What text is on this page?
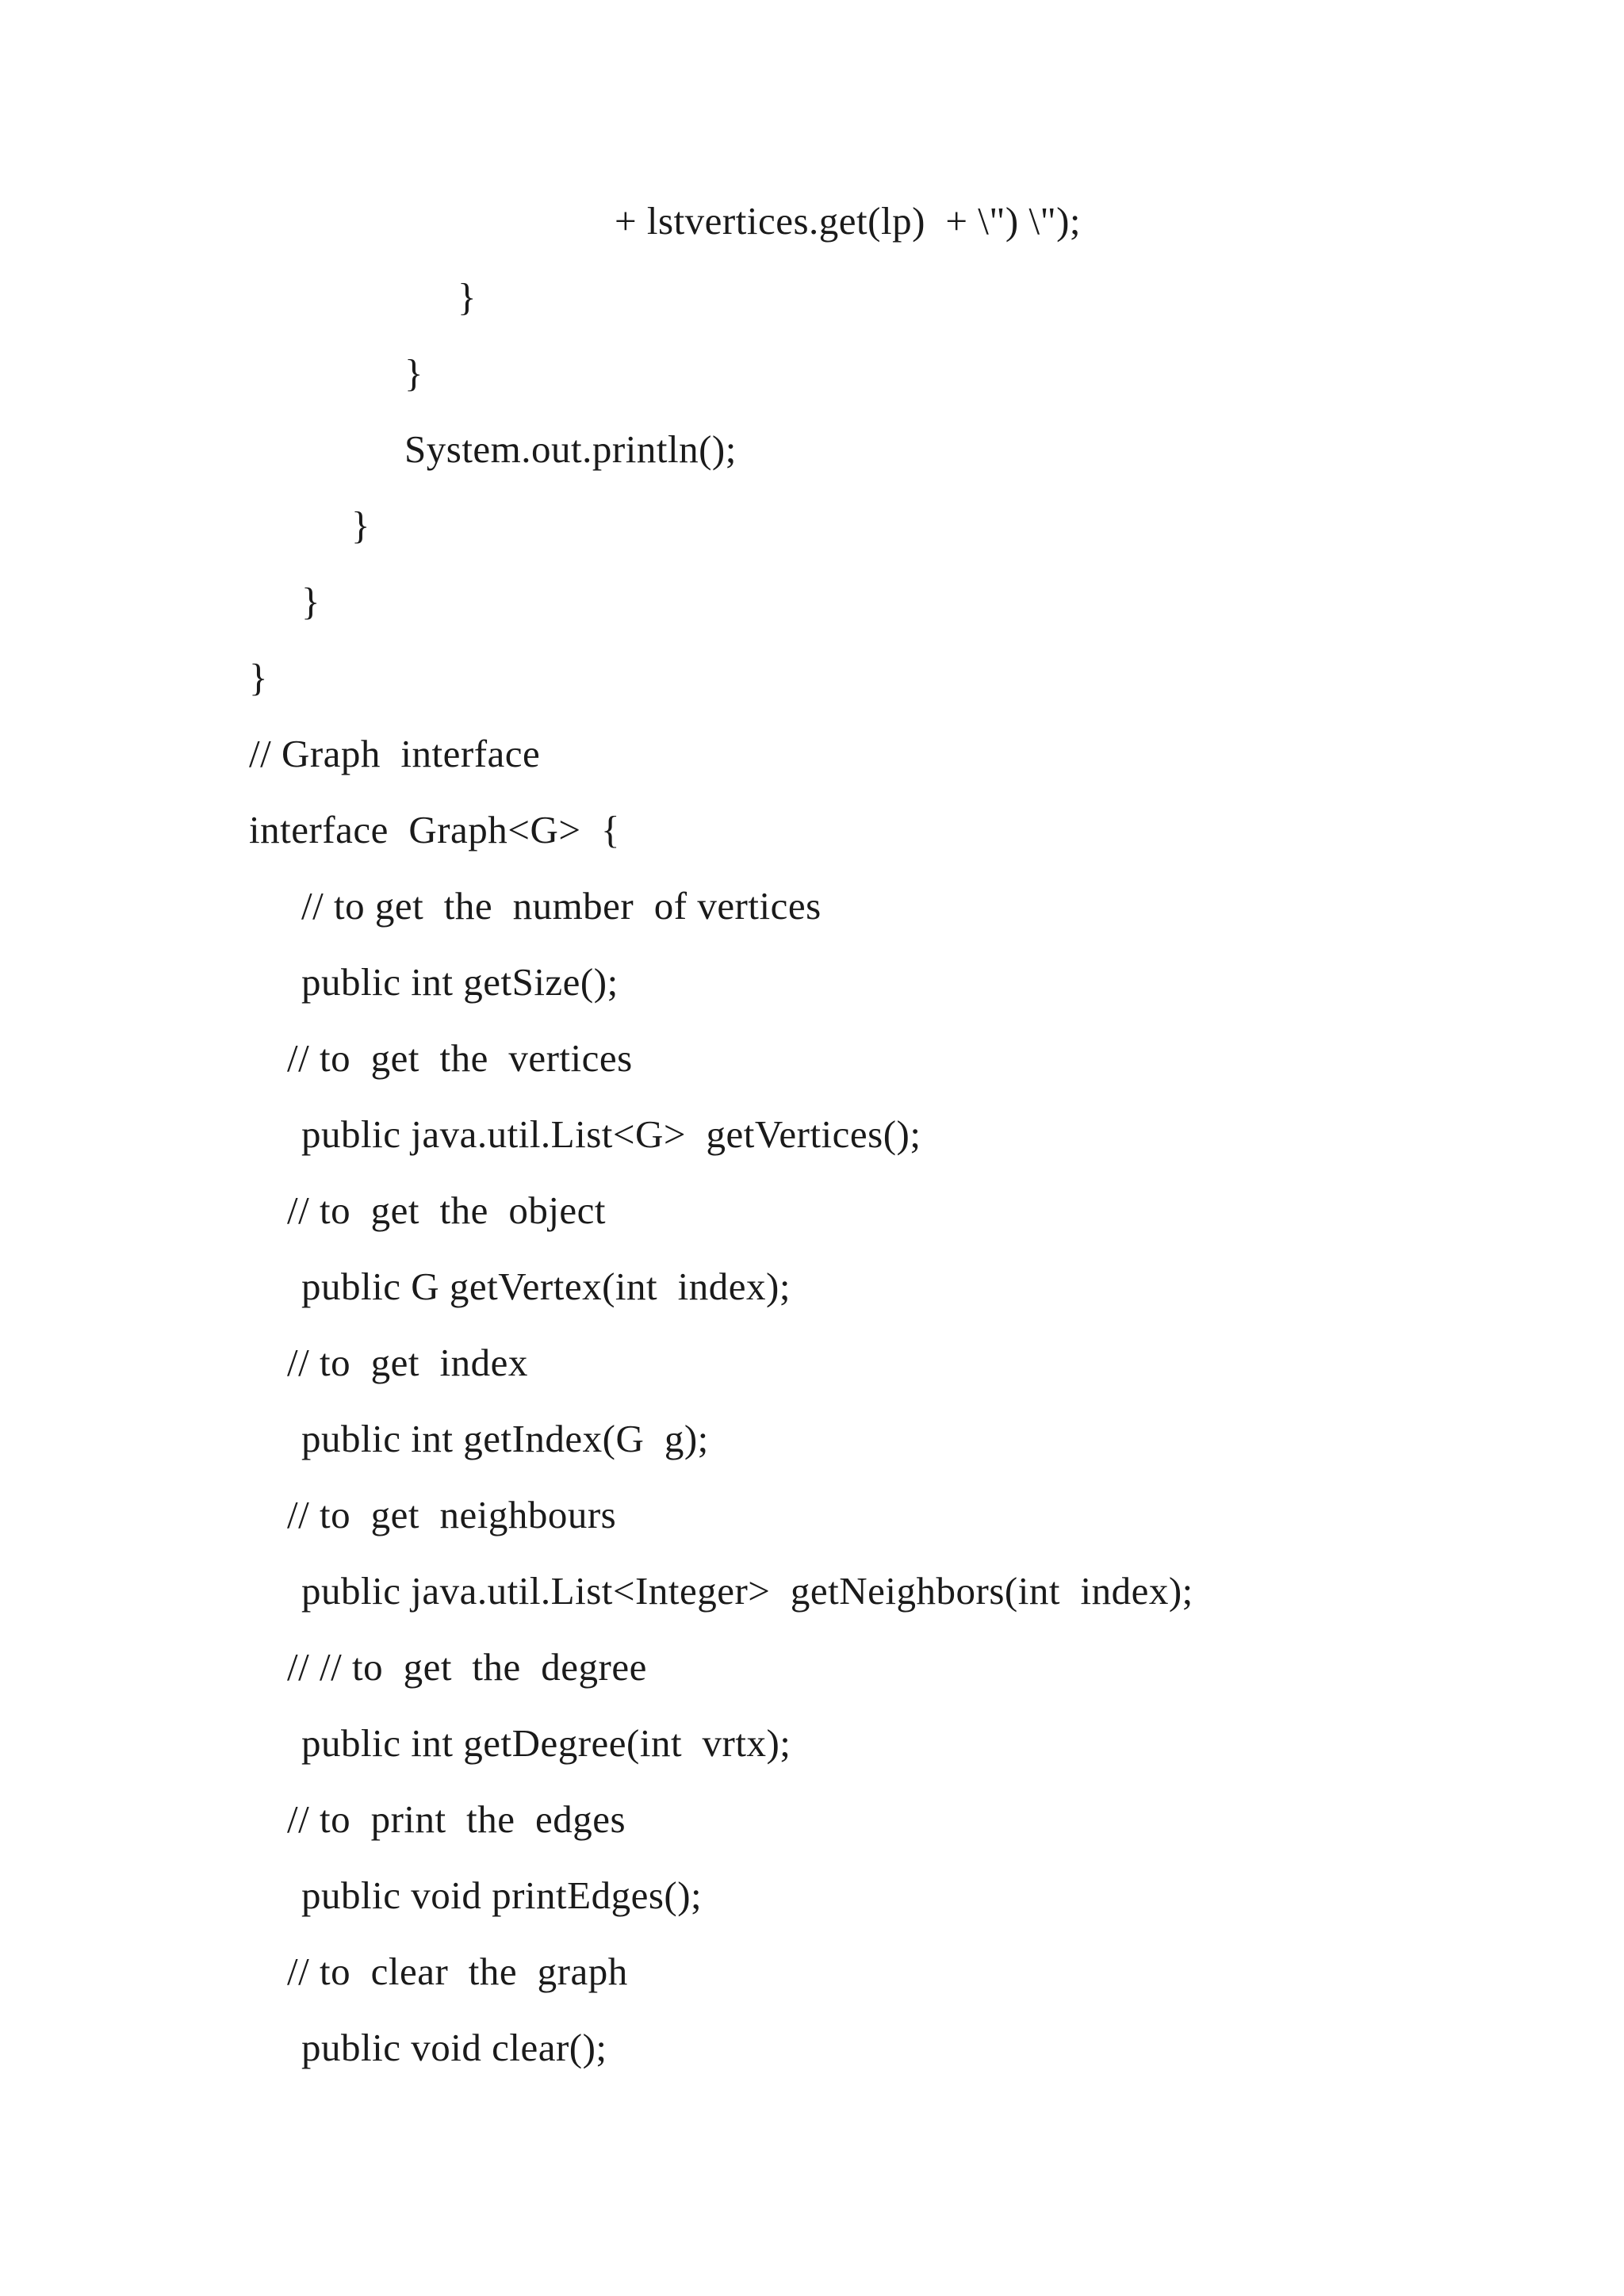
+ lstvertices.get(lp)  + \") \");
}
}
System.out.println();
}
}
}
// Graph  interface
interface  Graph<G>  {
// to get  the  number  of vertices
public int getSize();
// to  get  the  vertices
public java.util.List<G>  getVertices();
// to  get  the  object
public G getVertex(int  index);
// to  get  index
public int getIndex(G  g);
// to  get  neighbours
public java.util.List<Integer>  getNeighbors(int  index);
// // to  get  the  degree
public int getDegree(int  vrtx);
// to  print  the  edges
public void printEdges();
// to  clear  the  graph
public void clear();
